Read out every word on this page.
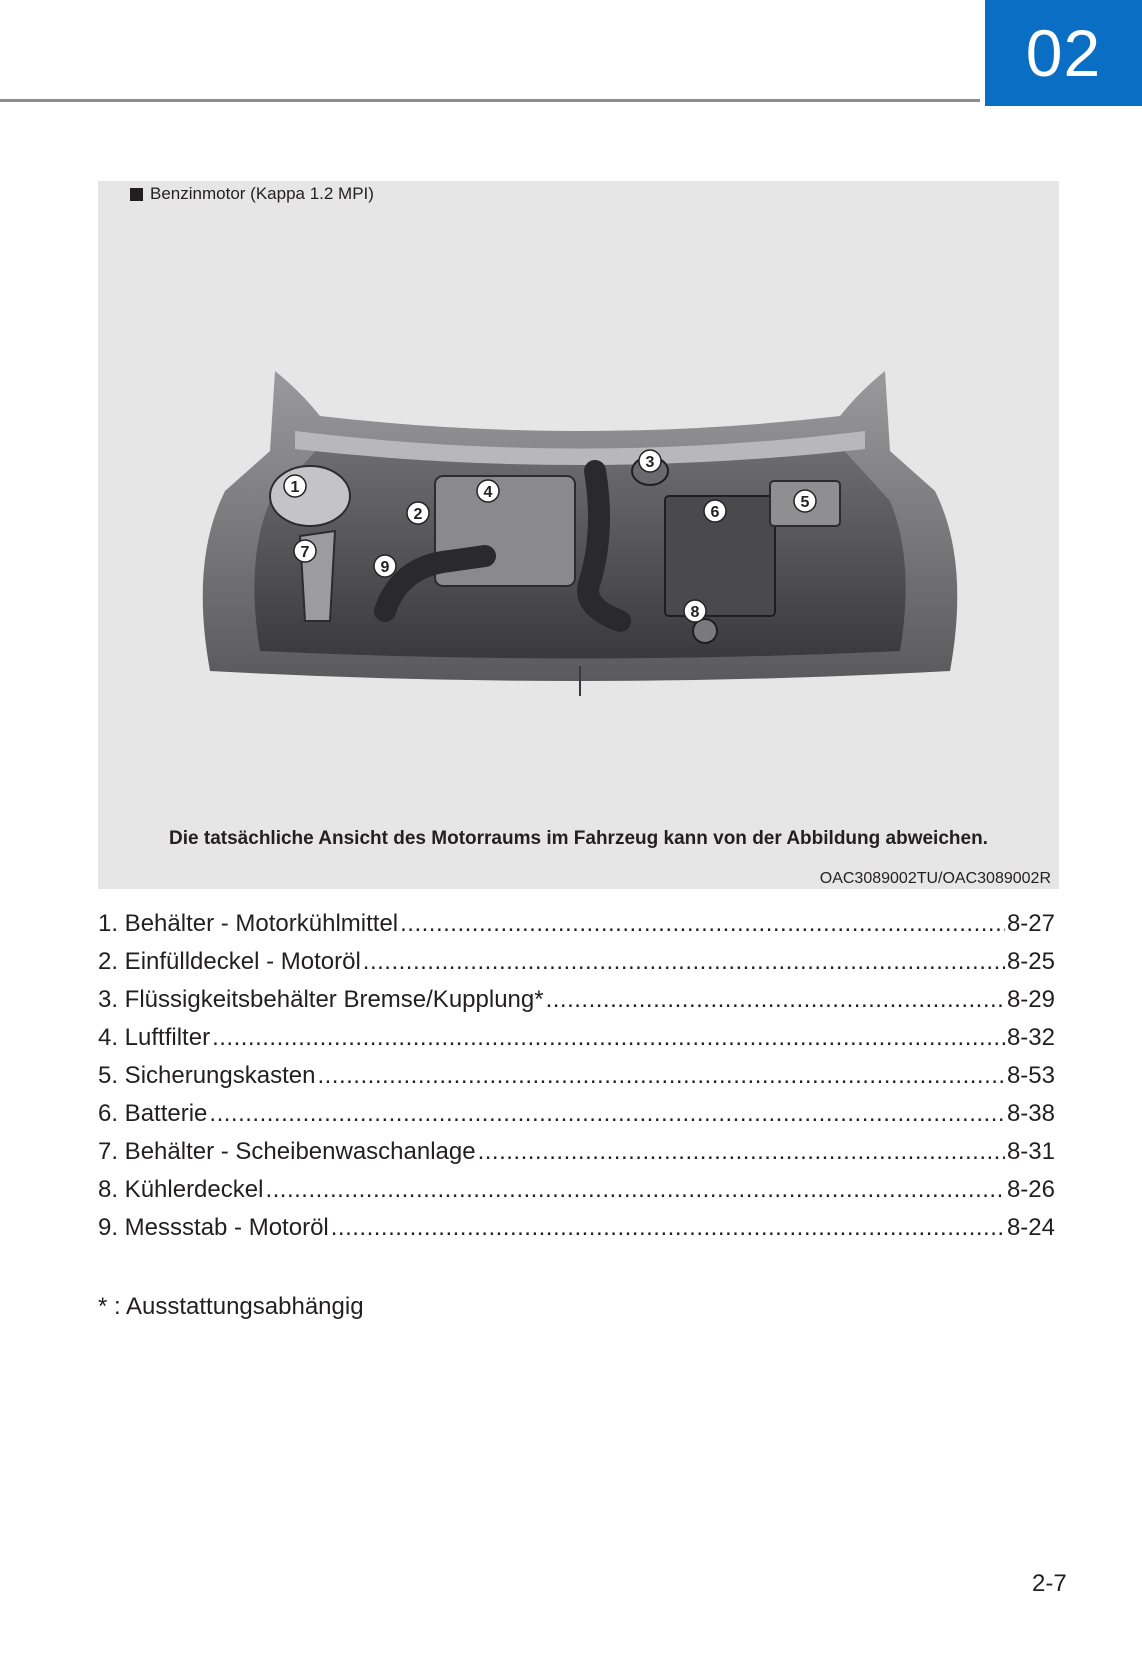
02
Benzinmotor (Kappa 1.2 MPI)
1
2
3
4
5
6
7
8
9
Die tatsächliche Ansicht des Motorraums im Fahrzeug kann von der Abbildung abweichen.
OAC3089002TU/OAC3089002R
1. Behälter - Motorkühlmittel .....	8-27
2. Einfülldeckel - Motoröl .....	8-25
3. Flüssigkeitsbehälter Bremse/Kupplung* .....	8-29
4. Luftfilter .....	8-32
5. Sicherungskasten .....	8-53
6. Batterie .....	8-38
7. Behälter - Scheibenwaschanlage .....	8-31
8. Kühlerdeckel .....	8-26
9. Messstab - Motoröl .....	8-24
* : Ausstattungsabhängig
2-7
